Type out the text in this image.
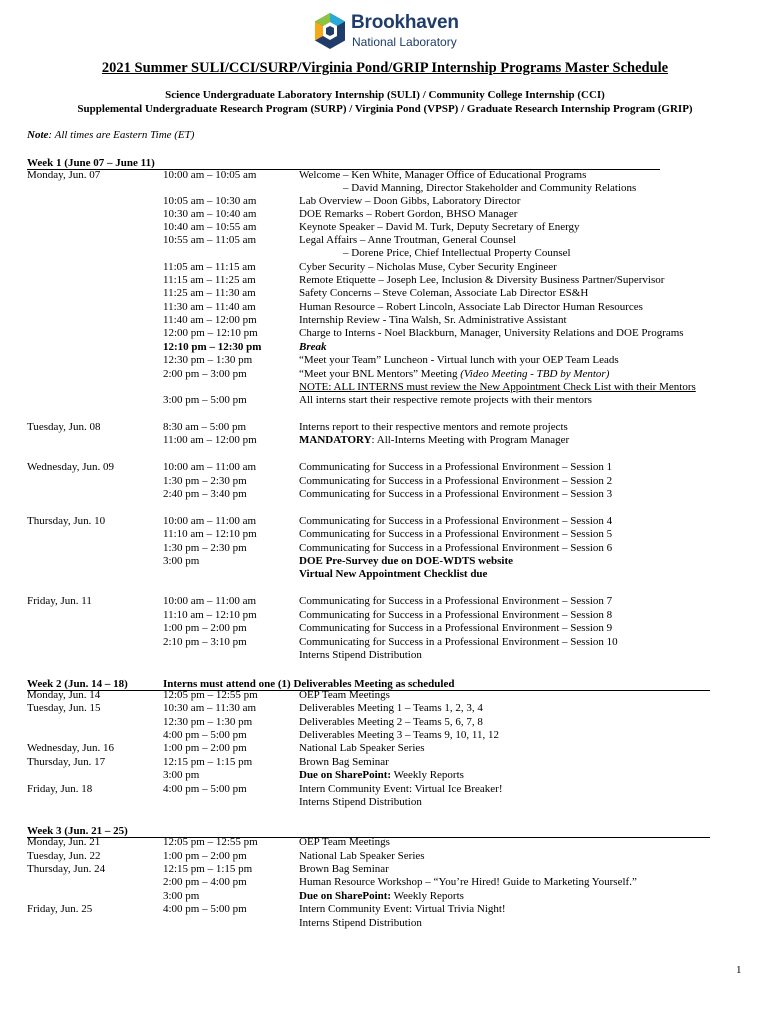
Brookhaven
National Laboratory
2021 Summer SULI/CCI/SURP/Virginia Pond/GRIP Internship Programs Master Schedule
Science Undergraduate Laboratory Internship (SULI) / Community College Internship (CCI)
Supplemental Undergraduate Research Program (SURP) / Virginia Pond (VPSP) / Graduate Research Internship Program (GRIP)
Note: All times are Eastern Time (ET)
Week 1 (June 07 – June 11)
Week 2 (Jun. 14 – 18)	Interns must attend one (1) Deliverables Meeting as scheduled
Week 3 (Jun. 21 – 25)
Monday, Jun. 07	10:00 am – 10:05 am	Welcome – Ken White, Manager Office of Educational Programs
– David Manning, Director Stakeholder and Community Relations
10:05 am – 10:30 am	Lab Overview – Doon Gibbs, Laboratory Director
10:30 am – 10:40 am	DOE Remarks – Robert Gordon, BHSO Manager
10:40 am – 10:55 am	Keynote Speaker – David M. Turk, Deputy Secretary of Energy
10:55 am – 11:05 am	Legal Affairs – Anne Troutman, General Counsel
– Dorene Price, Chief Intellectual Property Counsel
11:05 am – 11:15 am	Cyber Security – Nicholas Muse, Cyber Security Engineer
11:15 am – 11:25 am	Remote Etiquette – Joseph Lee, Inclusion & Diversity Business Partner/Supervisor
11:25 am – 11:30 am	Safety Concerns – Steve Coleman, Associate Lab Director ES&H
11:30 am – 11:40 am	Human Resource – Robert Lincoln, Associate Lab Director Human Resources
11:40 am – 12:00 pm	Internship Review - Tina Walsh, Sr. Administrative Assistant
12:00 pm – 12:10 pm	Charge to Interns - Noel Blackburn, Manager, University Relations and DOE Programs
12:10 pm – 12:30 pm	Break
12:30 pm – 1:30 pm	“Meet your Team” Luncheon - Virtual lunch with your OEP Team Leads
2:00 pm – 3:00 pm	“Meet your BNL Mentors” Meeting (Video Meeting - TBD by Mentor)
NOTE: ALL INTERNS must review the New Appointment Check List with their Mentors
3:00 pm – 5:00 pm	All interns start their respective remote projects with their mentors
Tuesday, Jun. 08	8:30 am – 5:00 pm	Interns report to their respective mentors and remote projects
11:00 am – 12:00 pm	MANDATORY: All-Interns Meeting with Program Manager
Wednesday, Jun. 09	10:00 am – 11:00 am	Communicating for Success in a Professional Environment – Session 1
1:30 pm – 2:30 pm	Communicating for Success in a Professional Environment – Session 2
2:40 pm – 3:40 pm	Communicating for Success in a Professional Environment – Session 3
Thursday, Jun. 10	10:00 am – 11:00 am	Communicating for Success in a Professional Environment – Session 4
11:10 am – 12:10 pm	Communicating for Success in a Professional Environment – Session 5
1:30 pm – 2:30 pm	Communicating for Success in a Professional Environment – Session 6
3:00 pm	DOE Pre-Survey due on DOE-WDTS website
Virtual New Appointment Checklist due
Friday, Jun. 11	10:00 am – 11:00 am	Communicating for Success in a Professional Environment – Session 7
11:10 am – 12:10 pm	Communicating for Success in a Professional Environment – Session 8
1:00 pm – 2:00 pm	Communicating for Success in a Professional Environment – Session 9
2:10 pm – 3:10 pm	Communicating for Success in a Professional Environment – Session 10
Interns Stipend Distribution
Monday, Jun. 14	12:05 pm – 12:55 pm	OEP Team Meetings
Tuesday, Jun. 15	10:30 am – 11:30 am	Deliverables Meeting 1 – Teams 1, 2, 3, 4
12:30 pm – 1:30 pm	Deliverables Meeting 2 – Teams 5, 6, 7, 8
4:00 pm – 5:00 pm	Deliverables Meeting 3 – Teams 9, 10, 11, 12
Wednesday, Jun. 16	1:00 pm – 2:00 pm	National Lab Speaker Series
Thursday, Jun. 17	12:15 pm – 1:15 pm	Brown Bag Seminar
3:00 pm	Due on SharePoint: Weekly Reports
Friday, Jun. 18	4:00 pm – 5:00 pm	Intern Community Event: Virtual Ice Breaker!
Interns Stipend Distribution
Monday, Jun. 21	12:05 pm – 12:55 pm	OEP Team Meetings
Tuesday, Jun. 22	1:00 pm – 2:00 pm	National Lab Speaker Series
Thursday, Jun. 24	12:15 pm – 1:15 pm	Brown Bag Seminar
2:00 pm – 4:00 pm	Human Resource Workshop – “You’re Hired! Guide to Marketing Yourself.”
3:00 pm	Due on SharePoint: Weekly Reports
Friday, Jun. 25	4:00 pm – 5:00 pm	Intern Community Event: Virtual Trivia Night!
Interns Stipend Distribution
1
